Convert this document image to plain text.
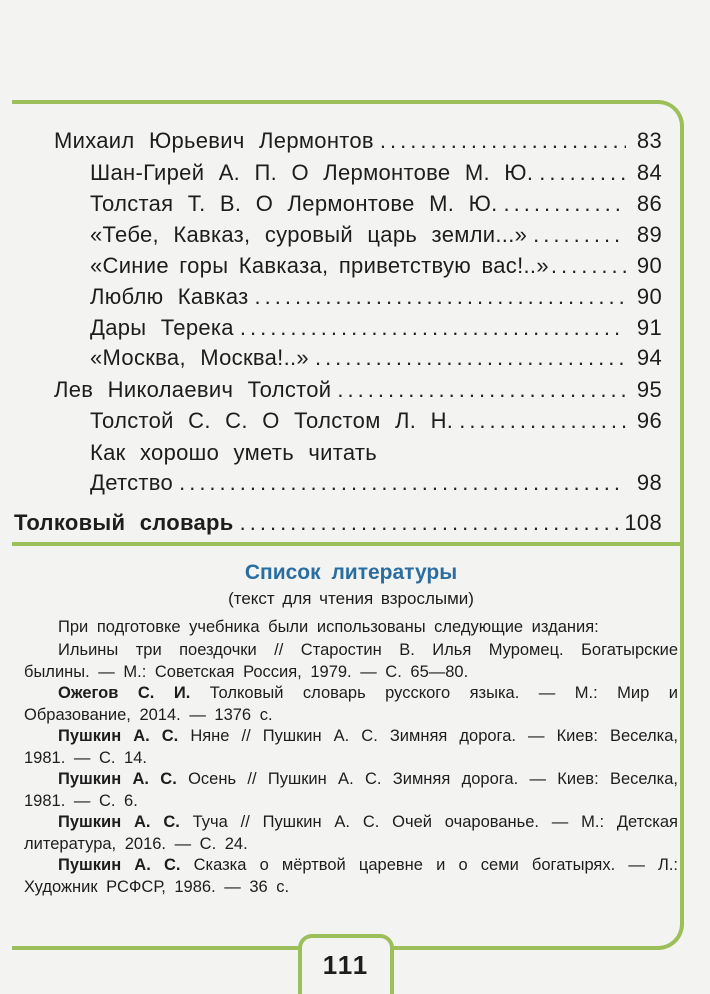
Михаил Юрьевич Лермонтов .....	83
Шан-Гирей А. П. О Лермонтове М. Ю. .....	84
Толстая Т. В. О Лермонтове М. Ю. .....	86
«Тебе, Кавказ, суровый царь земли...» .....	89
«Синие горы Кавказа, приветствую вас!..» .....	90
Люблю Кавказ .....	90
Дары Терека .....	91
«Москва, Москва!..» .....	94
Лев Николаевич Толстой .....	95
Толстой С. С. О Толстом Л. Н. .....	96
Как хорошо уметь читать
Детство .....	98
Толковый словарь .....	108
Список литературы
(текст для чтения взрослыми)

При подготовке учебника были использованы следующие издания:

Ильины три поездочки // Старостин В. Илья Муромец. Богатырские былины. — М.: Советская Россия, 1979. — С. 65—80.

Ожегов С. И. Толковый словарь русского языка. — М.: Мир и Образование, 2014. — 1376 с.

Пушкин А. С. Няне // Пушкин А. С. Зимняя дорога. — Киев: Веселка, 1981. — С. 14.

Пушкин А. С. Осень // Пушкин А. С. Зимняя дорога. — Киев: Веселка, 1981. — С. 6.

Пушкин А. С. Туча // Пушкин А. С. Очей очарованье. — М.: Детская литература, 2016. — С. 24.

Пушкин А. С. Сказка о мёртвой царевне и о семи богатырях. — Л.: Художник РСФСР, 1986. — 36 с.

111
